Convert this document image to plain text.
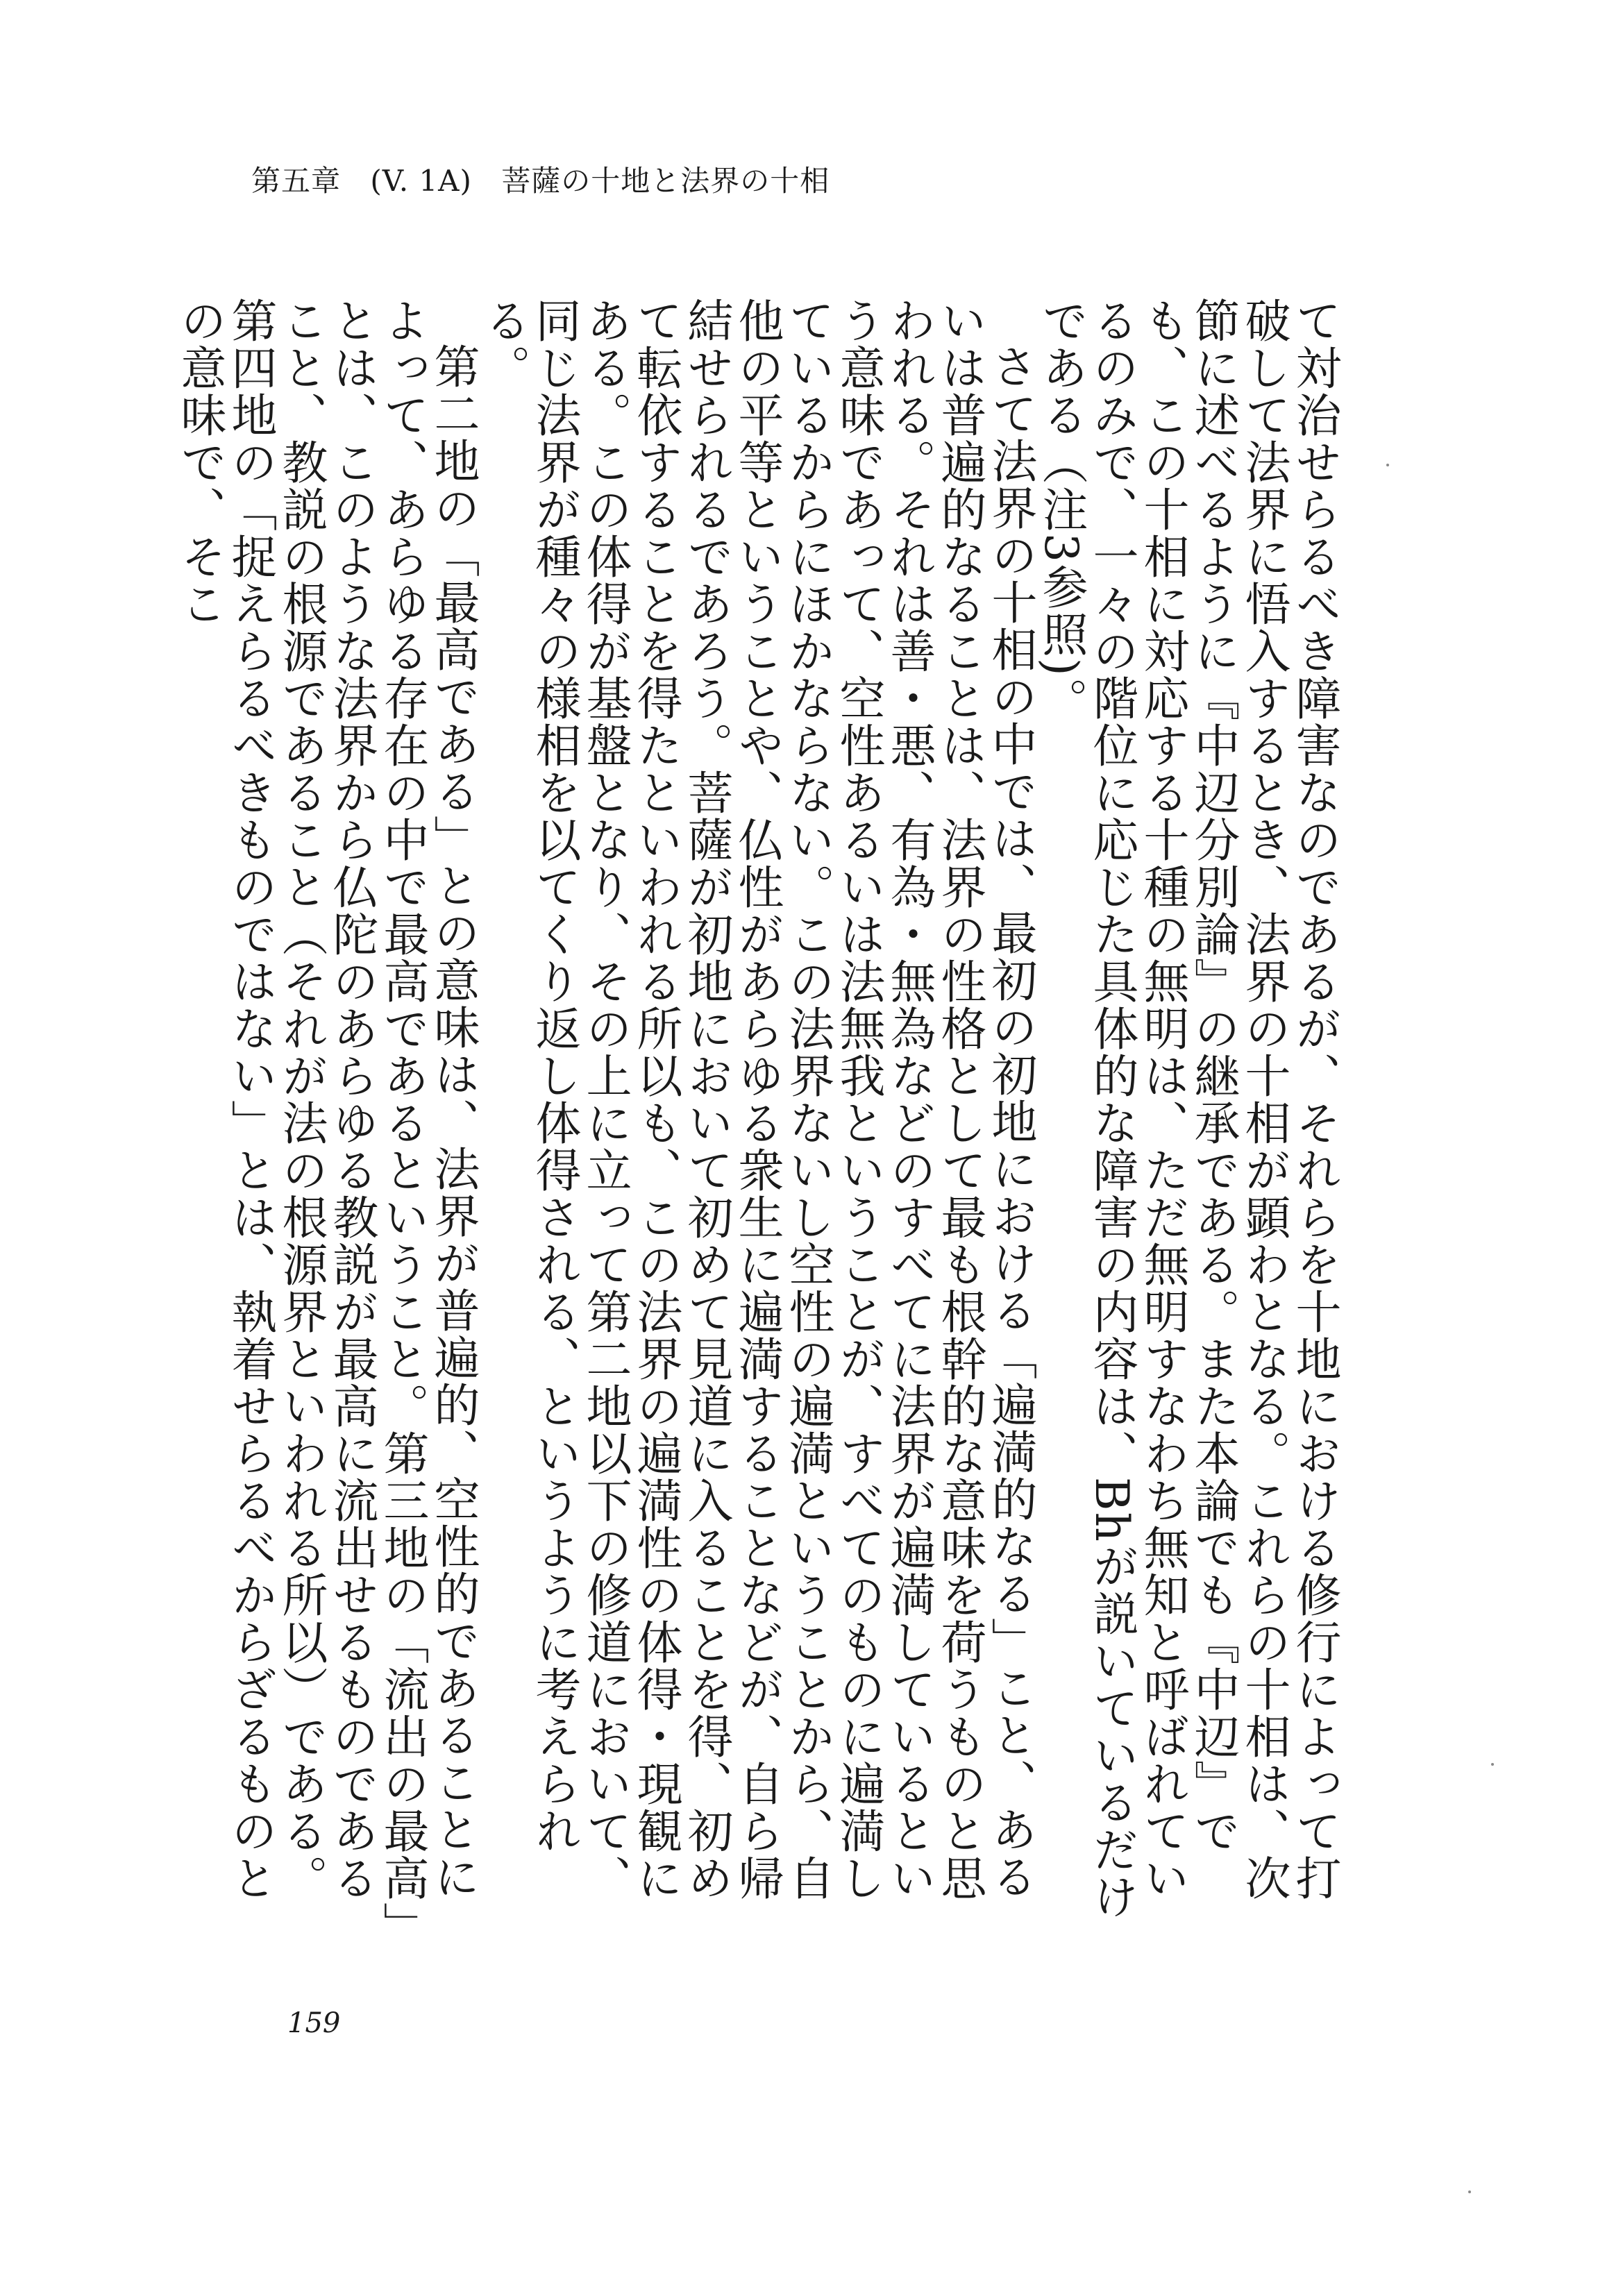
第五章 (V. 1A) 菩薩の十地と法界の十相

て対治せらるべき障害なのであるが、それらを十地における修行によって打破して法界に悟入するとき、法界の十相が顕わとなる。これらの十相は、次節に述べるように『中辺分別論』の継承である。また本論でも『中辺』でも、この十相に対応する十種の無明は、ただ無明すなわち無知と呼ばれているのみで、一々の階位に応じた具体的な障害の内容は、Bhが説いているだけである（注3参照)。

さて法界の十相の中では、最初の初地における「遍満的なる」こと、あるいは普遍的なることは、法界の性格として最も根幹的な意味を荷うものと思われる。それは善・悪、有為・無為などのすべてに法界が遍満しているという意味であって、空性あるいは法無我ということが、すべてのものに遍満しているからにほかならない。この法界ないし空性の遍満ということから、自他の平等ということや、仏性があらゆる衆生に遍満することなどが、自ら帰結せられるであろう。菩薩が初地において初めて見道に入ることを得、初めて転依することを得たといわれる所以も、この法界の遍満性の体得・現観にある。この体得が基盤となり、その上に立って第二地以下の修道において、同じ法界が種々の様相を以てくり返し体得される、というように考えられる。

第二地の「最高である」との意味は、法界が普遍的、空性的であることによって、あらゆる存在の中で最高であるということ。第三地の「流出の最高」とは、このような法界から仏陀のあらゆる教説が最高に流出せるものであること、教説の根源であること（それが法の根源界といわれる所以）である。第四地の「捉えらるべきものではない」とは、執着せらるべからざるものとの意味で、そこ

159
